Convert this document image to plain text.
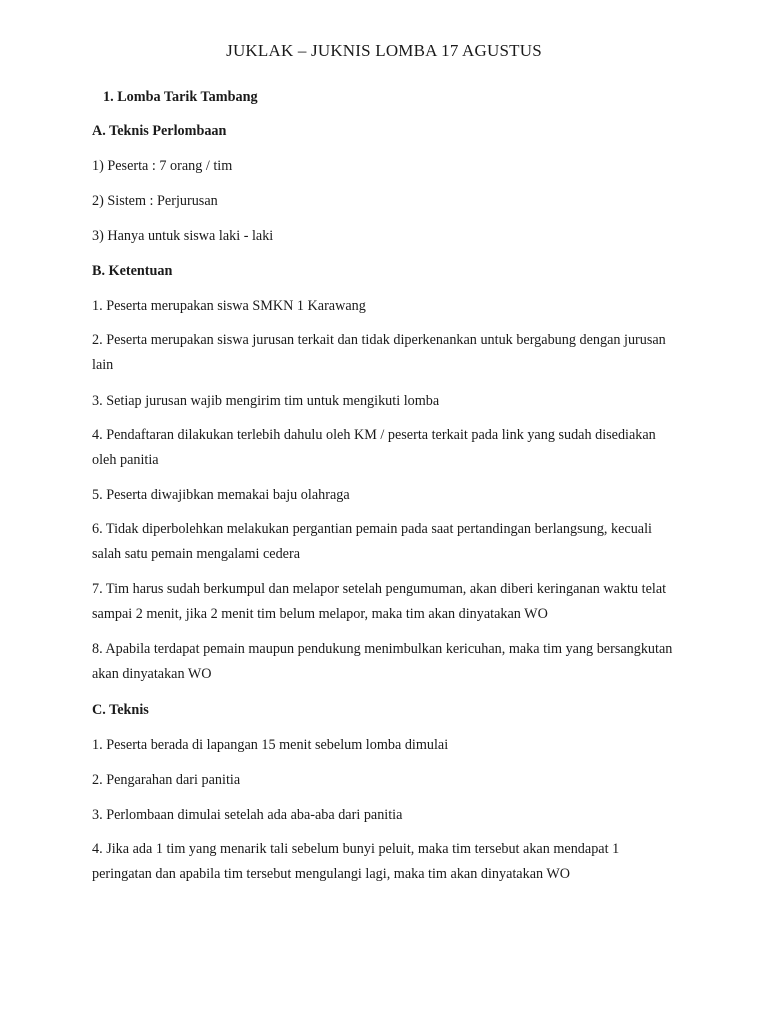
JUKLAK – JUKNIS LOMBA 17 AGUSTUS
1. Lomba Tarik Tambang
A. Teknis Perlombaan
1) Peserta : 7 orang / tim
2) Sistem : Perjurusan
3) Hanya untuk siswa laki - laki
B. Ketentuan
1. Peserta merupakan siswa SMKN 1 Karawang
2. Peserta merupakan siswa jurusan terkait dan tidak diperkenankan untuk bergabung dengan jurusan lain
3. Setiap jurusan wajib mengirim tim untuk mengikuti lomba
4. Pendaftaran dilakukan terlebih dahulu oleh KM / peserta terkait pada link yang sudah disediakan oleh panitia
5. Peserta diwajibkan memakai baju olahraga
6. Tidak diperbolehkan melakukan pergantian pemain pada saat pertandingan berlangsung, kecuali salah satu pemain mengalami cedera
7. Tim harus sudah berkumpul dan melapor setelah pengumuman, akan diberi keringanan waktu telat sampai 2 menit, jika 2 menit tim belum melapor, maka tim akan dinyatakan WO
8. Apabila terdapat pemain maupun pendukung menimbulkan kericuhan, maka tim yang bersangkutan akan dinyatakan WO
C. Teknis
1. Peserta berada di lapangan 15 menit sebelum lomba dimulai
2. Pengarahan dari panitia
3. Perlombaan dimulai setelah ada aba-aba dari panitia
4. Jika ada 1 tim yang menarik tali sebelum bunyi peluit, maka tim tersebut akan mendapat 1 peringatan dan apabila tim tersebut mengulangi lagi, maka tim akan dinyatakan WO
